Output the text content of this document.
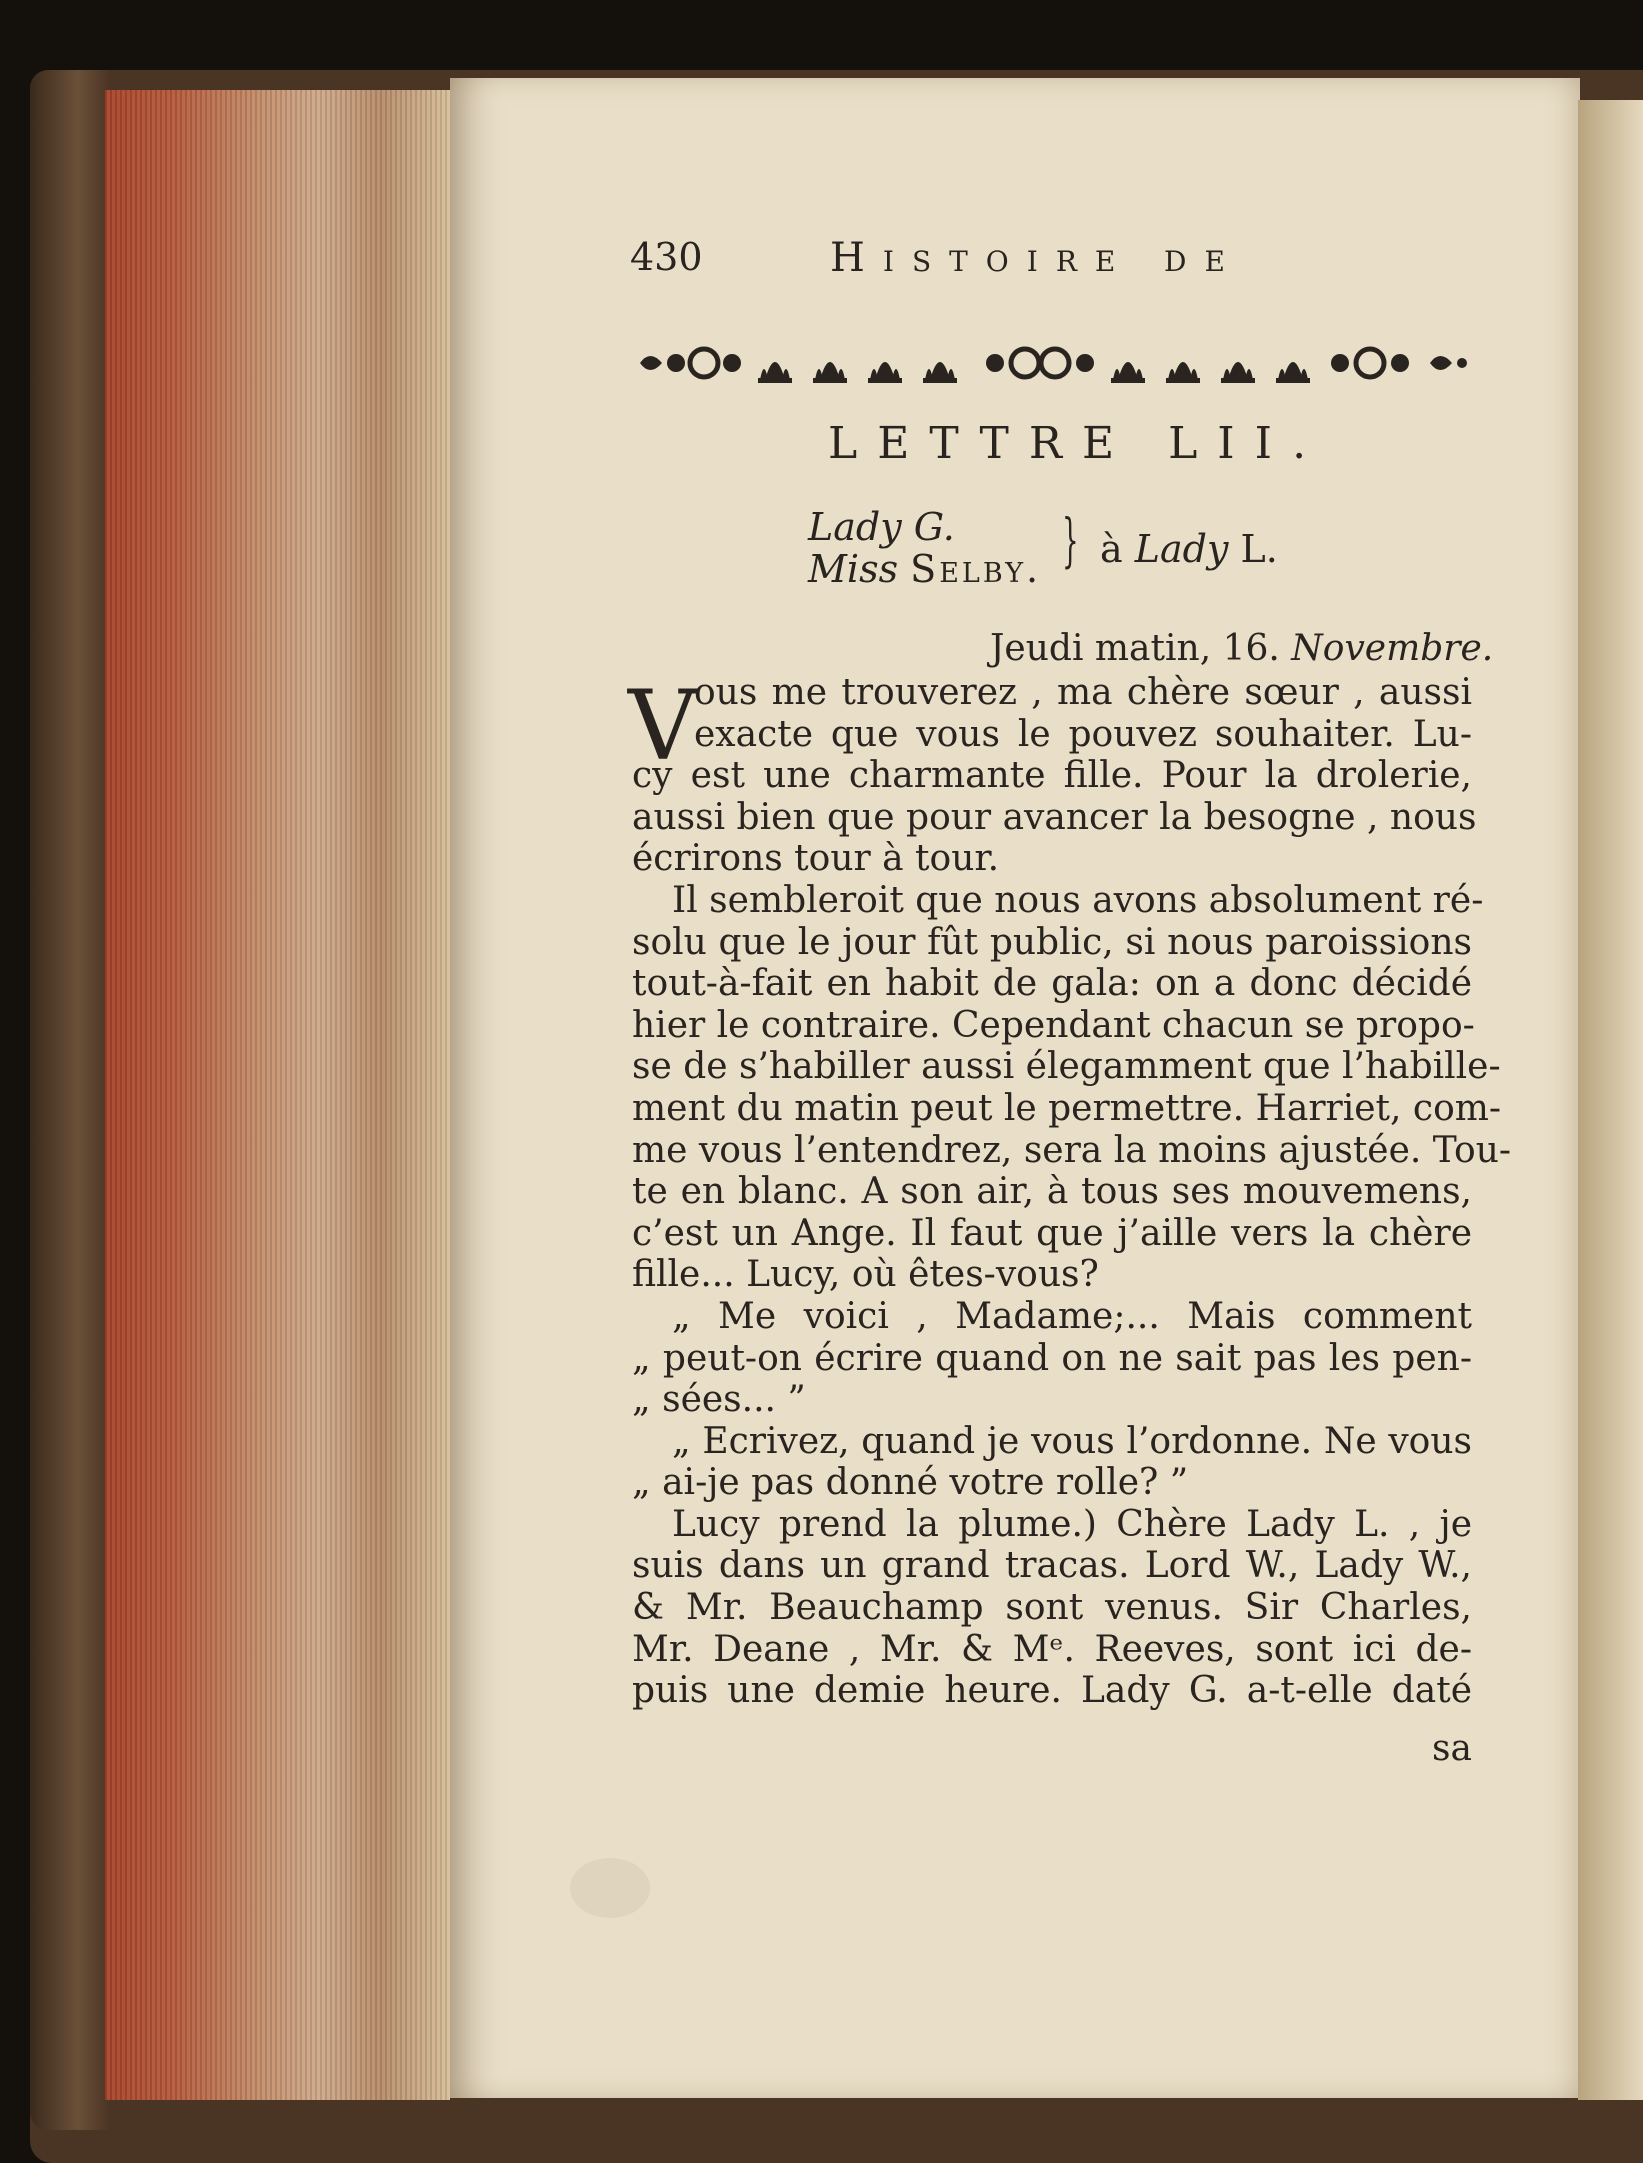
430	Histoire de
LETTRE LII.
Lady G.
Miss Selby. } à Lady L.
Jeudi matin, 16. Novembre.
V
ous me trouverez , ma chère sœur , aussi
exacte que vous le pouvez souhaiter. Lu-
cy est une charmante fille. Pour la drolerie,
aussi bien que pour avancer la besogne , nous
écrirons tour à tour.
Il sembleroit que nous avons absolument ré-
solu que le jour fût public, si nous paroissions
tout-à-fait en habit de gala: on a donc décidé
hier le contraire. Cependant chacun se propo-
se de s’habiller aussi élegamment que l’habille-
ment du matin peut le permettre. Harriet, com-
me vous l’entendrez, sera la moins ajustée. Tou-
te en blanc. A son air, à tous ses mouvemens,
c’est un Ange. Il faut que j’aille vers la chère
fille... Lucy, où êtes-vous?
„ Me voici , Madame;... Mais comment
„ peut-on écrire quand on ne sait pas les pen-
„ sées... ”
„ Ecrivez, quand je vous l’ordonne. Ne vous
„ ai-je pas donné votre rolle? ”
Lucy prend la plume.) Chère Lady L. , je
suis dans un grand tracas. Lord W., Lady W.,
& Mr. Beauchamp sont venus. Sir Charles,
Mr. Deane , Mr. & Mᵉ. Reeves, sont ici de-
puis une demie heure. Lady G. a-t-elle daté
sa
